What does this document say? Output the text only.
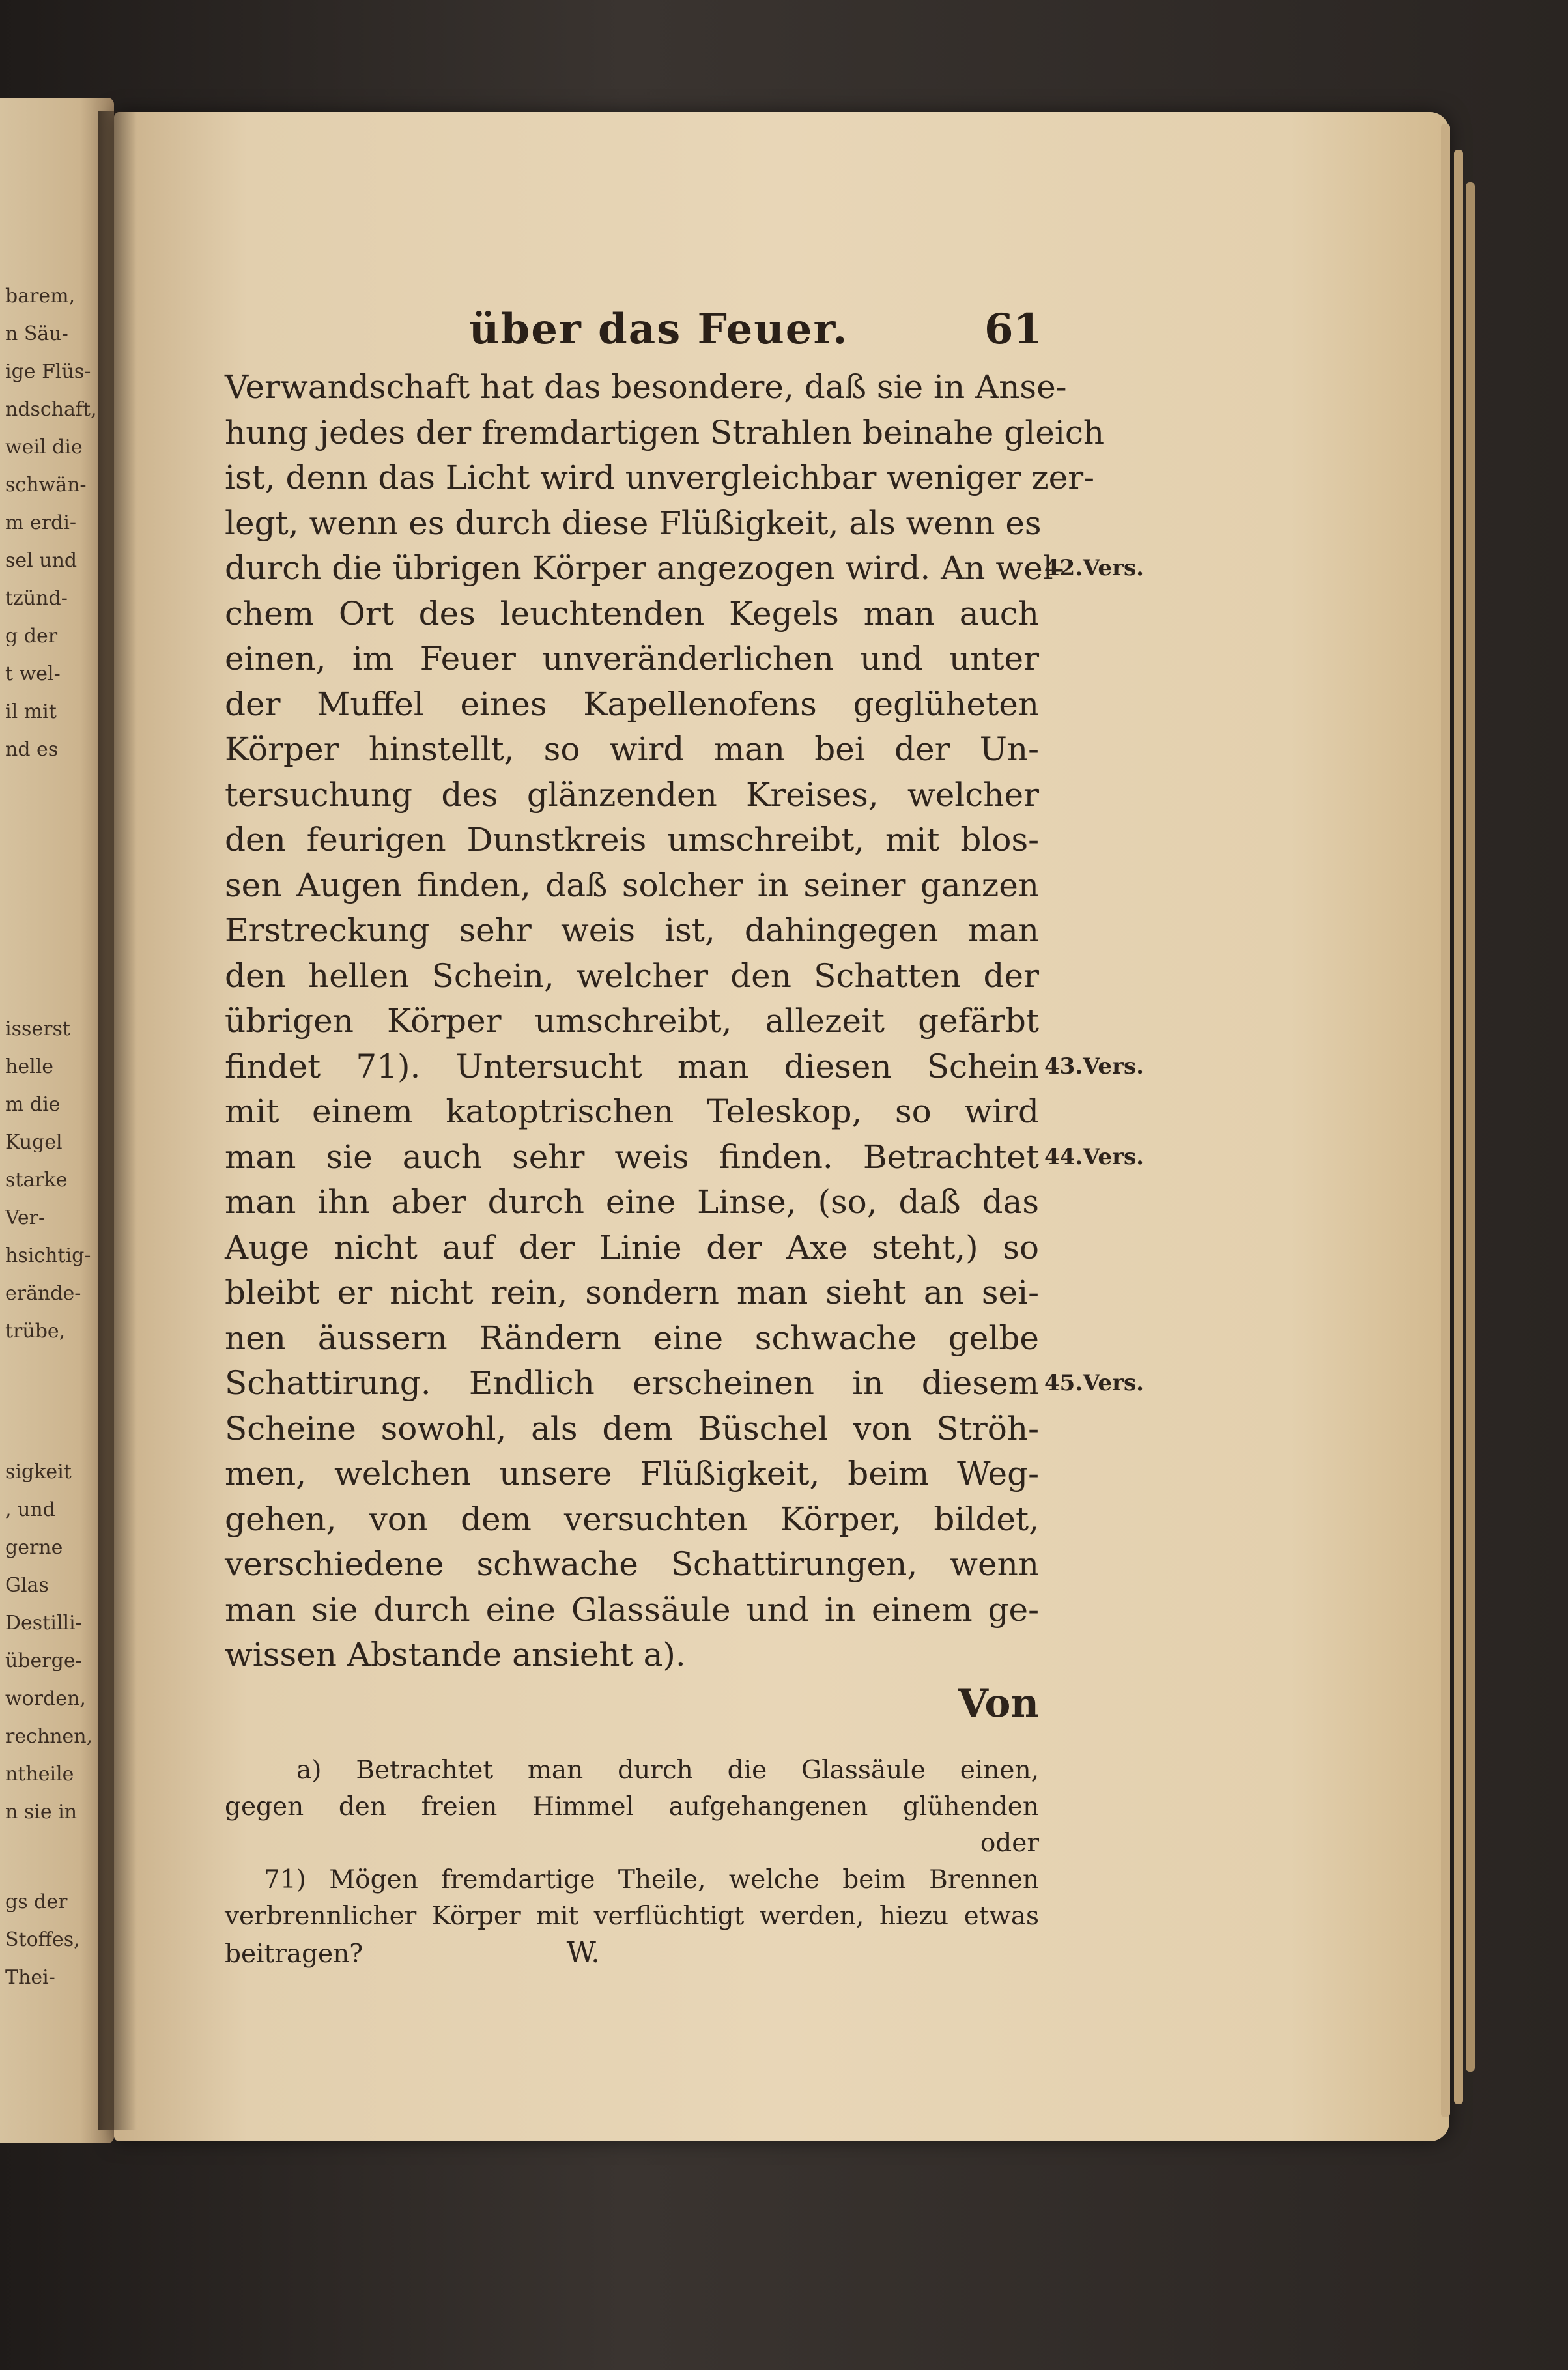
barem,
n Säu-
ige Flüs-
ndschaft,
weil die
schwän-
m erdi-
sel und
tzünd-
g der
t wel-
il mit
nd es
isserst
helle
m die
Kugel
starke
Ver-
hsichtig-
erände-
trübe,
sigkeit
, und
gerne
Glas
Destilli-
überge-
worden,
rechnen,
ntheile
n sie in
gs der
Stoffes,
Thei-
über das Feuer.	61
Verwandschaft hat das besondere, daß sie in Anse-
hung jedes der fremdartigen Strahlen beinahe gleich
ist, denn das Licht wird unvergleichbar weniger zer-
legt, wenn es durch diese Flüßigkeit, als wenn es
durch die übrigen Körper angezogen wird. An wel-
chem Ort des leuchtenden Kegels man auch
einen, im Feuer unveränderlichen und unter
der Muffel eines Kapellenofens geglüheten
Körper hinstellt, so wird man bei der Un-
tersuchung des glänzenden Kreises, welcher
den feurigen Dunstkreis umschreibt, mit blos-
sen Augen finden, daß solcher in seiner ganzen
Erstreckung sehr weis ist, dahingegen man
den hellen Schein, welcher den Schatten der
übrigen Körper umschreibt, allezeit gefärbt
findet 71). Untersucht man diesen Schein
mit einem katoptrischen Teleskop, so wird
man sie auch sehr weis finden. Betrachtet
man ihn aber durch eine Linse, (so, daß das
Auge nicht auf der Linie der Axe steht,) so
bleibt er nicht rein, sondern man sieht an sei-
nen äussern Rändern eine schwache gelbe
Schattirung. Endlich erscheinen in diesem
Scheine sowohl, als dem Büschel von Ströh-
men, welchen unsere Flüßigkeit, beim Weg-
gehen, von dem versuchten Körper, bildet,
verschiedene schwache Schattirungen, wenn
man sie durch eine Glassäule und in einem ge-
wissen Abstande ansieht a).
42.Vers.
43.Vers.
44.Vers.
45.Vers.
Von
a) Betrachtet man durch die Glassäule einen,
gegen den freien Himmel aufgehangenen glühenden
oder
71) Mögen fremdartige Theile, welche beim Brennen
verbrennlicher Körper mit verflüchtigt werden, hiezu etwas
beitragen?	W.
